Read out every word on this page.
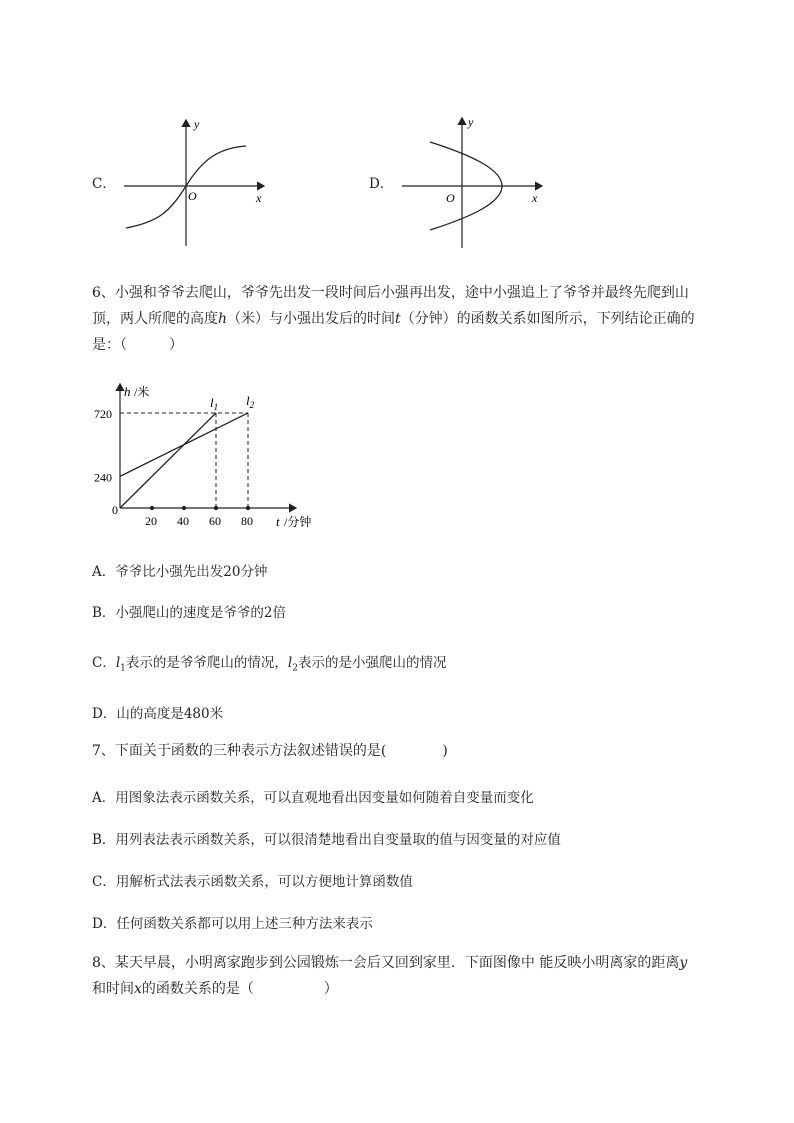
C．
y
x
O
D．
y
x
O
6、小强和爷爷去爬山，爷爷先出发一段时间后小强再出发，途中小强追上了爷爷并最终先爬到山
顶，两人所爬的高度h（米）与小强出发后的时间t（分钟）的函数关系如图所示，下列结论正确的
是：（　　　）
h /米
t /分钟
0
720
240
20 40 60 80
$l_1$ $l_2$
A．爷爷比小强先出发20分钟
B．小强爬山的速度是爷爷的2倍
C．$l_1$表示的是爷爷爬山的情况，$l_2$表示的是小强爬山的情况
D．山的高度是480米
7、下面关于函数的三种表示方法叙述错误的是(　　　　)
A．用图象法表示函数关系，可以直观地看出因变量如何随着自变量而变化
B．用列表法表示函数关系，可以很清楚地看出自变量取的值与因变量的对应值
C．用解析式法表示函数关系，可以方便地计算函数值
D．任何函数关系都可以用上述三种方法来表示
8、某天早晨，小明离家跑步到公园锻炼一会后又回到家里．下面图像中 能反映小明离家的距离y
和时间x的函数关系的是（　　　　　）
